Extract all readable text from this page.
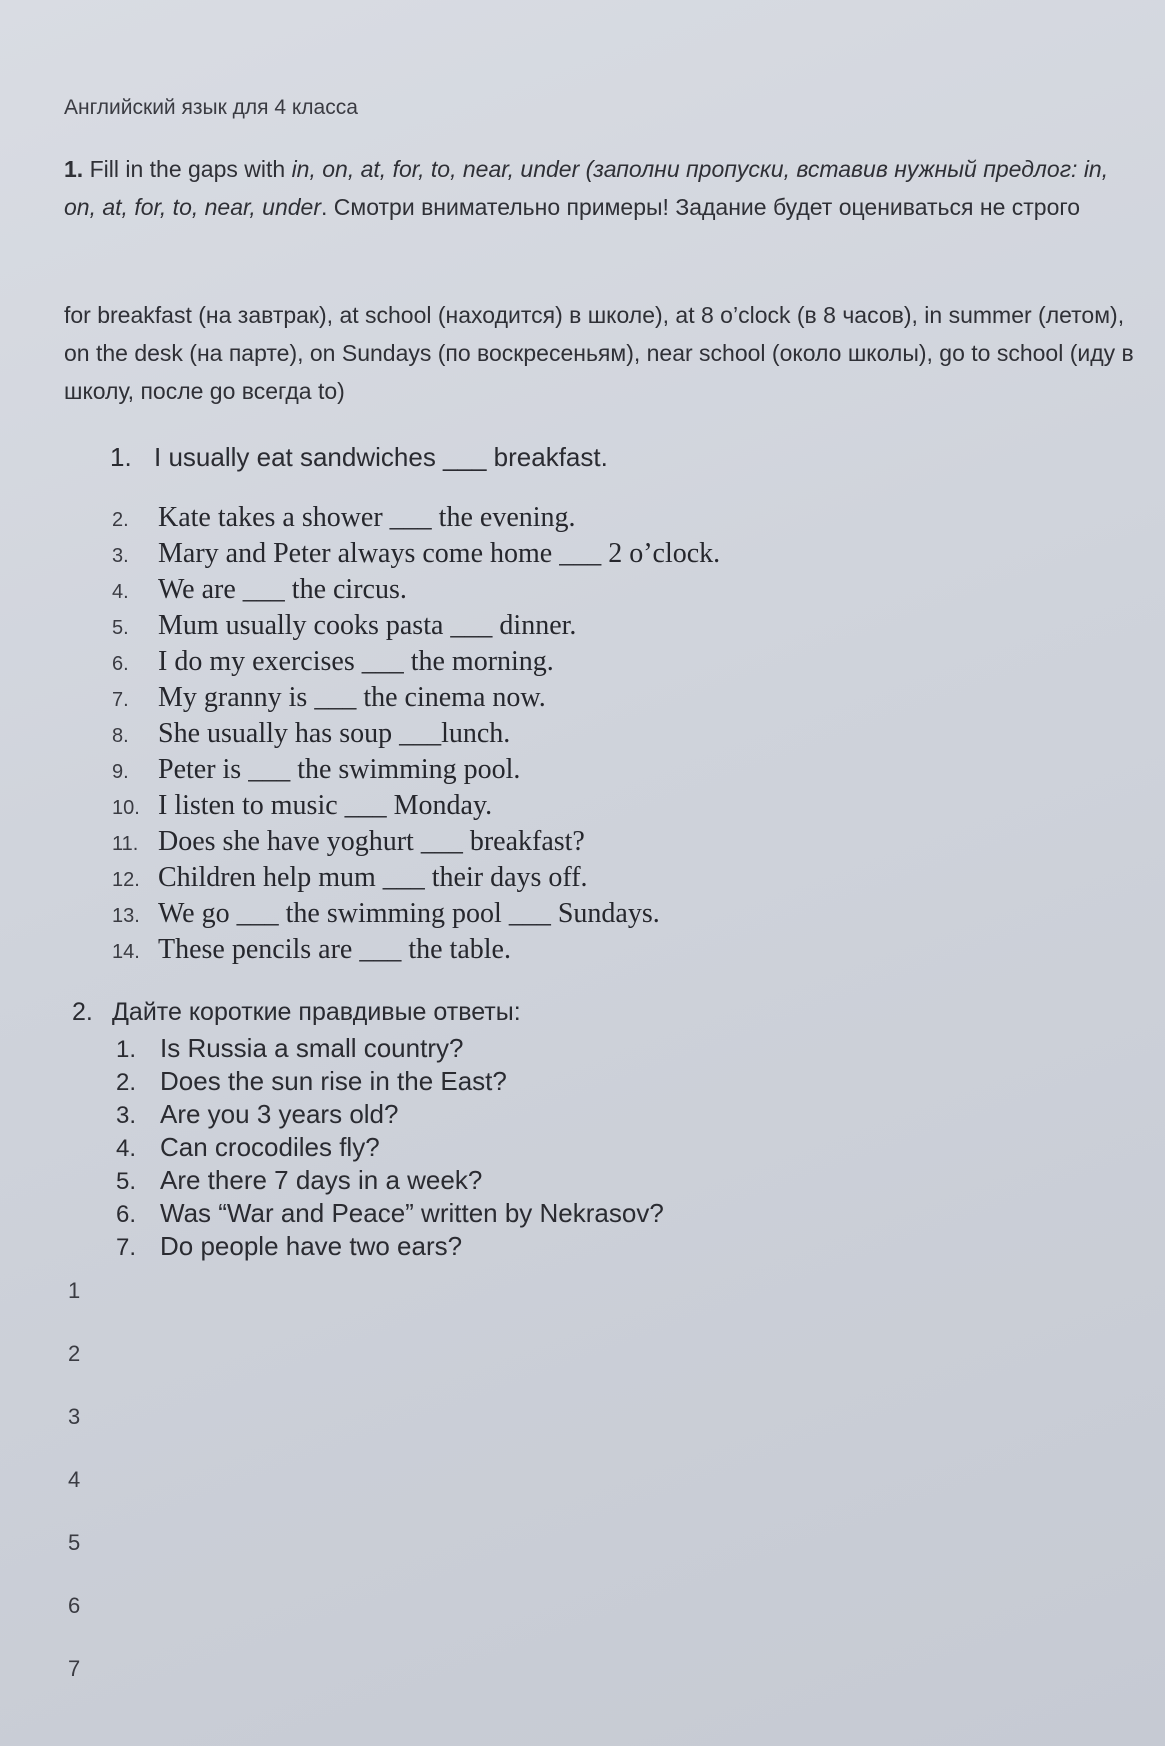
Английский язык для 4 класса
1. Fill in the gaps with in, on, at, for, to, near, under (заполни пропуски, вставив нужный предлог: in, on, at, for, to, near, under. Смотри внимательно примеры! Задание будет оцениваться не строго
for breakfast (на завтрак), at school (находится) в школе), at 8 o’clock (в 8 часов), in summer (летом), on the desk (на парте), on Sundays (по воскресеньям), near school (около школы), go to school (иду в школу, после go всегда to)
1. I usually eat sandwiches ___ breakfast.
2. Kate takes a shower ___ the evening.
3. Mary and Peter always come home ___ 2 o’clock.
4. We are ___ the circus.
5. Mum usually cooks pasta ___ dinner.
6. I do my exercises ___ the morning.
7. My granny is ___ the cinema now.
8. She usually has soup ___lunch.
9. Peter is ___ the swimming pool.
10. I listen to music ___ Monday.
11. Does she have yoghurt ___ breakfast?
12. Children help mum ___ their days off.
13. We go ___ the swimming pool ___ Sundays.
14. These pencils are ___ the table.
2. Дайте короткие правдивые ответы:
1. Is Russia a small country?
2. Does the sun rise in the East?
3. Are you 3 years old?
4. Can crocodiles fly?
5. Are there 7 days in a week?
6. Was “War and Peace” written by Nekrasov?
7. Do people have two ears?
1
2
3
4
5
6
7
